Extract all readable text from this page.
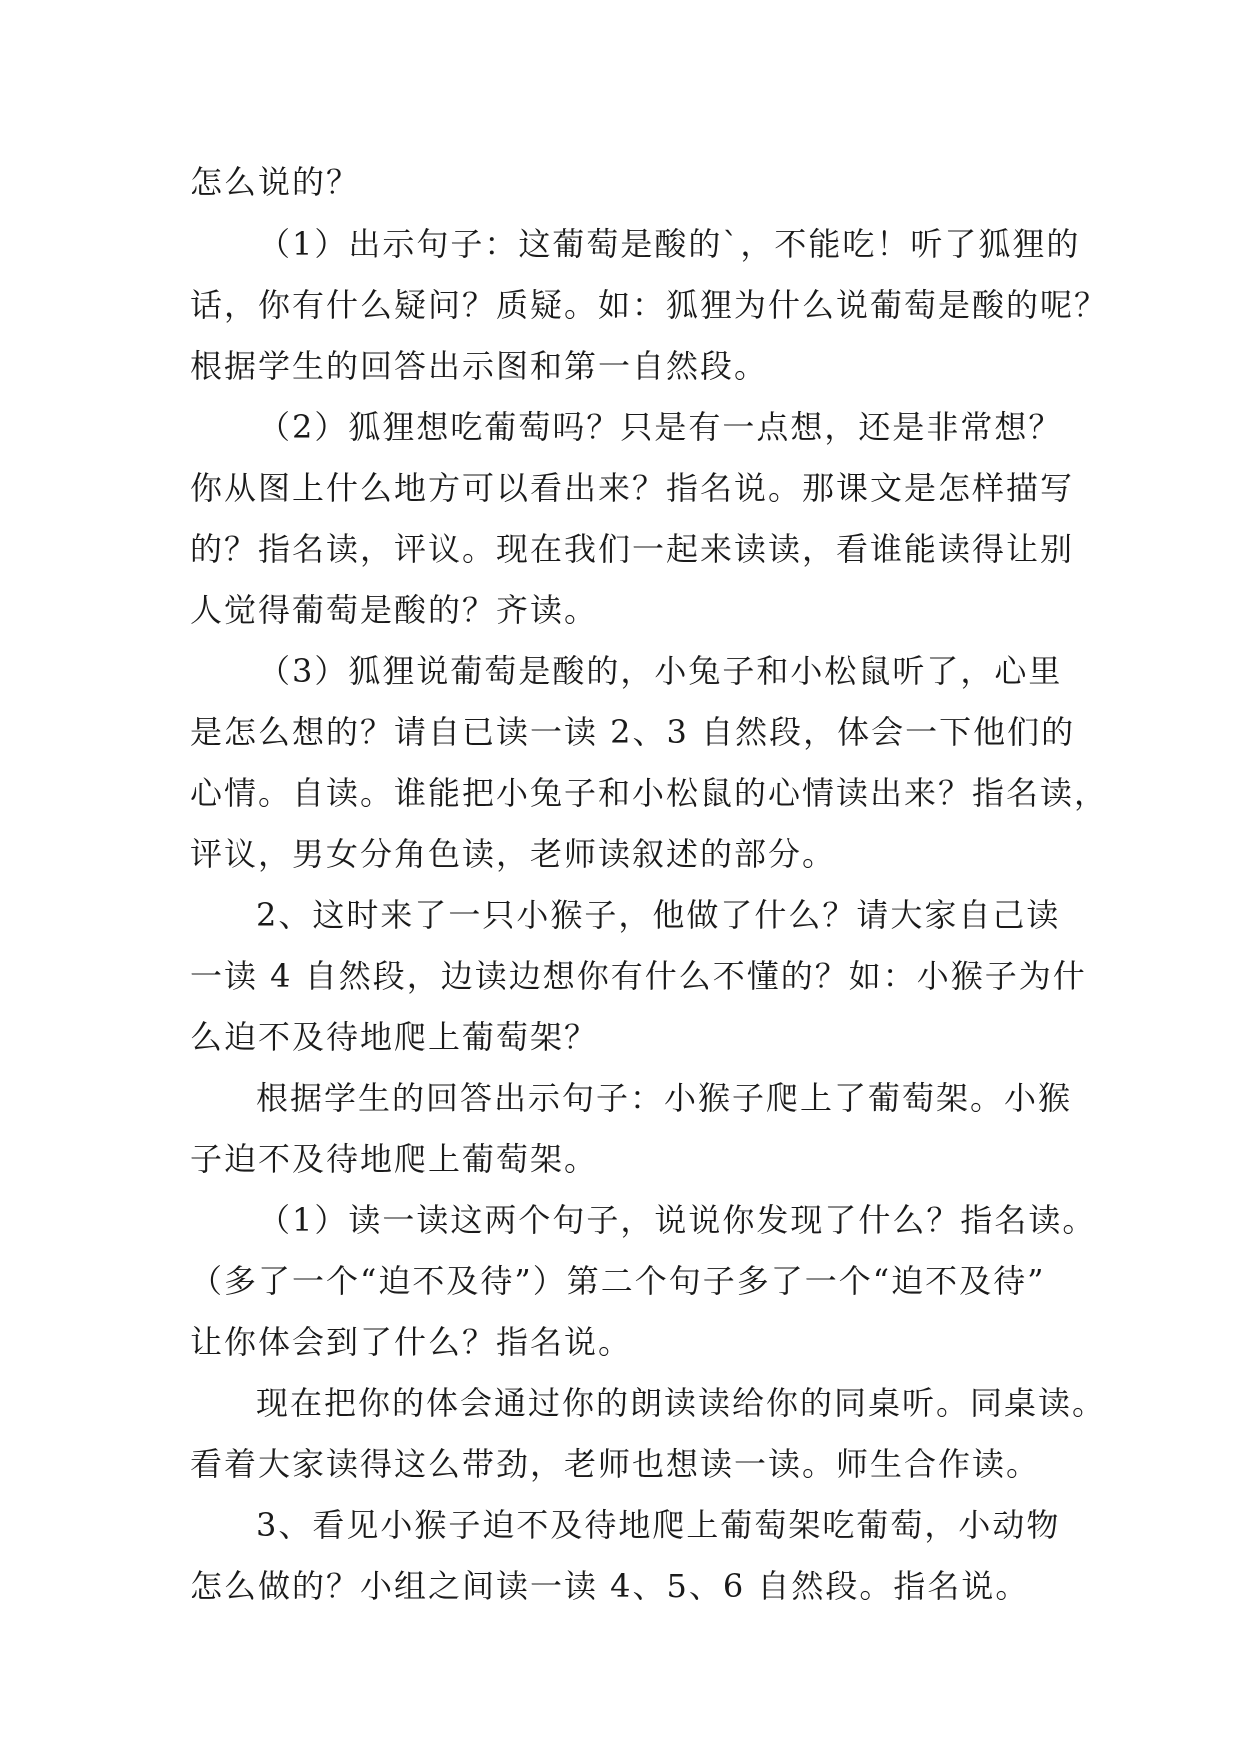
怎么说的？
（1）出示句子：这葡萄是酸的`，不能吃！听了狐狸的
话，你有什么疑问？质疑。如：狐狸为什么说葡萄是酸的呢？
根据学生的回答出示图和第一自然段。
（2）狐狸想吃葡萄吗？只是有一点想，还是非常想？
你从图上什么地方可以看出来？指名说。那课文是怎样描写
的？指名读，评议。现在我们一起来读读，看谁能读得让别
人觉得葡萄是酸的？齐读。
（3）狐狸说葡萄是酸的，小兔子和小松鼠听了，心里
是怎么想的？请自已读一读 2、3 自然段，体会一下他们的
心情。自读。谁能把小兔子和小松鼠的心情读出来？指名读，
评议，男女分角色读，老师读叙述的部分。
2、这时来了一只小猴子，他做了什么？请大家自己读
一读 4 自然段，边读边想你有什么不懂的？如：小猴子为什
么迫不及待地爬上葡萄架？
根据学生的回答出示句子：小猴子爬上了葡萄架。小猴
子迫不及待地爬上葡萄架。
（1）读一读这两个句子，说说你发现了什么？指名读。
（多了一个“迫不及待”）第二个句子多了一个“迫不及待”
让你体会到了什么？指名说。
现在把你的体会通过你的朗读读给你的同桌听。同桌读。
看着大家读得这么带劲，老师也想读一读。师生合作读。
3、看见小猴子迫不及待地爬上葡萄架吃葡萄，小动物
怎么做的？小组之间读一读 4、5、6 自然段。指名说。
